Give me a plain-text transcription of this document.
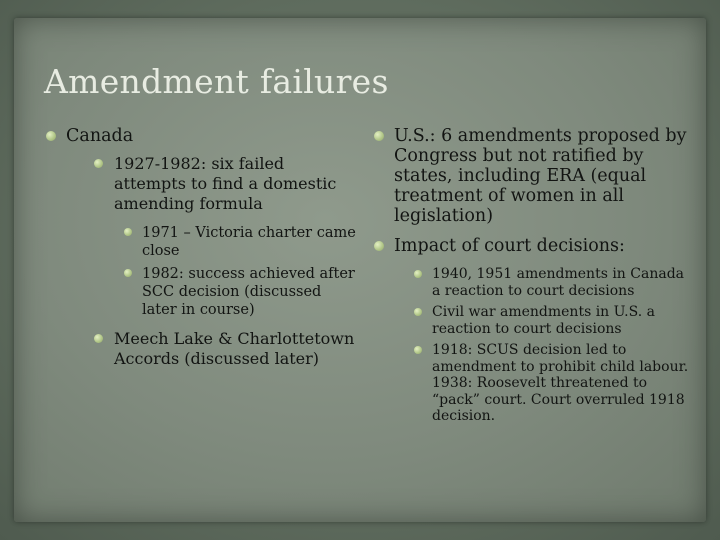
Amendment failures
Canada
1927-1982: six failed attempts to find a domestic amending formula
1971 – Victoria charter came close
1982: success achieved after SCC decision (discussed later in course)
Meech Lake & Charlottetown Accords (discussed later)
U.S.: 6 amendments proposed by Congress but not ratified by states, including ERA (equal treatment of women in all legislation)
Impact of court decisions:
1940, 1951 amendments in Canada a reaction to court decisions
Civil war amendments in U.S. a reaction to court decisions
1918: SCUS decision led to amendment to prohibit child labour. 1938: Roosevelt threatened to “pack” court. Court overruled 1918 decision.
